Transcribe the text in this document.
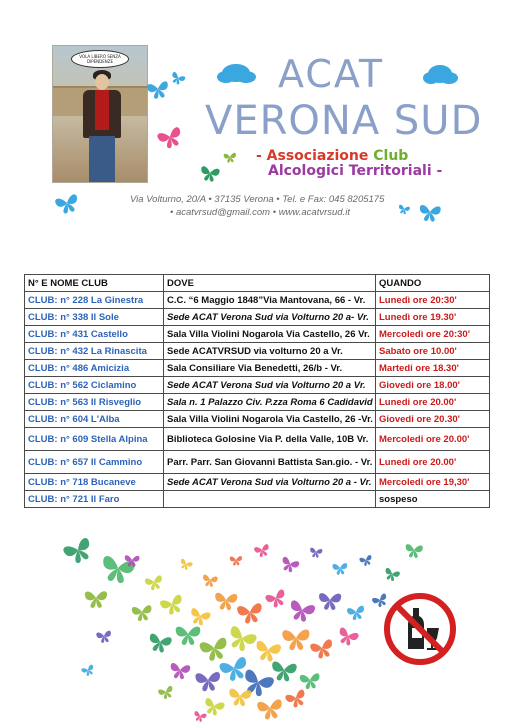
VOLA LIBERO SENZA DIPENDENZE	ACAT
VERONA SUD
- Associazione Club
Alcologici Territoriali -
Via Volturno, 20/A • 37135 Verona • Tel. e Fax: 045 8205175
• acatvrsud@gmail.com • www.acatvrsud.it
N° E NOME CLUB	DOVE	QUANDO
CLUB: n° 228 La Ginestra	C.C. “6 Maggio 1848”Via Mantovana, 66 - Vr.	Lunedì ore 20:30'
CLUB: n° 338 Il Sole	Sede ACAT Verona Sud via Volturno 20 a- Vr.	Lunedì ore 19.30'
CLUB: n° 431 Castello	Sala Villa Violini Nogarola Via Castello, 26 Vr.	Mercoledì ore 20:30'
CLUB: n° 432 La Rinascita	Sede ACATVRSUD via volturno 20 a Vr.	Sabato ore 10.00'
CLUB: n° 486 Amicizia	Sala Consiliare Via Benedetti, 26/b - Vr.	Martedi ore 18.30'
CLUB: n° 562 Ciclamino	Sede ACAT Verona Sud via Volturno 20 a Vr.	Giovedi ore 18.00'
CLUB: n° 563 Il Risveglio	Sala n. 1 Palazzo Civ. P.zza Roma 6 Cadidavid	Lunedi ore 20.00'
CLUB: n° 604 L'Alba	Sala Villa Violini Nogarola Via Castello, 26 -Vr.	Giovedi ore 20.30'
CLUB: n° 609 Stella Alpina	Biblioteca Golosine Via P. della Valle, 10B Vr.	Mercoledi ore 20.00'
CLUB: n° 657 Il Cammino	Parr. Parr. San Giovanni Battista San.gio. - Vr.	Lunedi ore 20.00'
CLUB: n° 718 Bucaneve	Sede ACAT Verona Sud via Volturno 20 a - Vr.	Mercoledi ore 19,30'
CLUB: n° 721 Il Faro		sospeso
